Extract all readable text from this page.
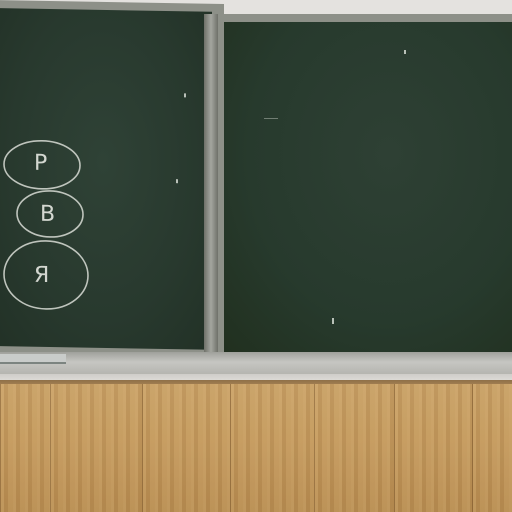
P
B
Я
